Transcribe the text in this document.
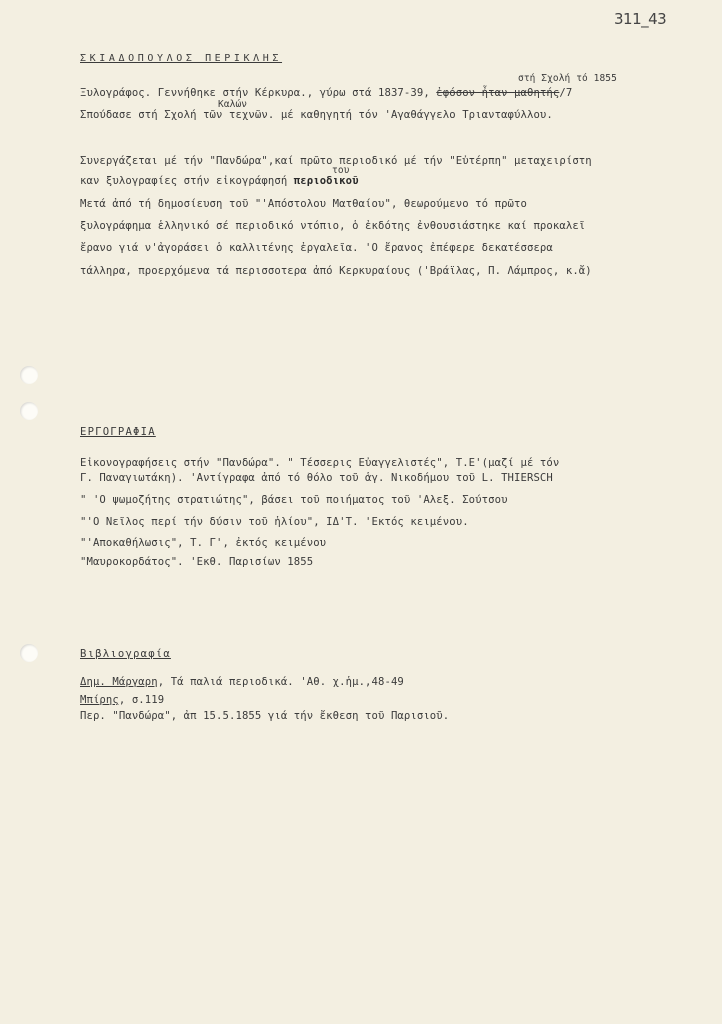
311_43
ΣΚΙΑΔΟΠΟΥΛΟΣ ΠΕΡΙΚΛΗΣ
στή Σχολή τό 1855
Ξυλογράφος. Γεννήθηκε στήν Κέρκυρα., γύρω στά 1837-39, ἐφόσον ἦταν μαθητής/7
Καλών
Σπούδασε στή Σχολή τῶν τεχνῶν. μέ καθηγητή τόν 'Αγαθάγγελο Τριανταφύλλου.
Συνεργάζεται μέ τήν "Πανδώρα",καί πρῶτο περιοδικό μέ τήν "Εὐτέρπη" μεταχειρίστη
του
καν ξυλογραφίες στήν εἰκογράφησή περιοδικοῦ
Μετά ἀπό τή δημοσίευση τοῦ "'Απόστολου Ματθαίου", θεωρούμενο τό πρῶτο
ξυλογράφημα ἑλληνικό σέ περιοδικό ντόπιο, ὁ ἐκδότης ἐνθουσιάστηκε καί προκαλεῖ
ἔρανο γιά ν'ἀγοράσει ὁ καλλιτένης ἐργαλεῖα. 'Ο ἔρανος ἐπέφερε δεκατέσσερα
τάλληρα, προερχόμενα τά περισσοτερα ἀπό Κερκυραίους ('Βράϊλας, Π. Λάμπρος, κ.ἄ)
ΕΡΓΟΓΡΑΦΙΑ
Εἰκονογραφήσεις στήν "Πανδώρα". " Τέσσερις Εὐαγγελιστές", Τ.Ε'(μαζί μέ τόν
Γ. Παναγιωτάκη). 'Αντίγραφα ἀπό τό θόλο τοῦ ἁγ. Νικοδήμου τοῦ L. THIERSCH
" 'Ο ψωμοζήτης στρατιώτης", βάσει τοῦ ποιήματος τοῦ 'Αλεξ. Σούτσου
"'Ο Νεῖλος περί τήν δύσιν τοῦ ἡλίου", ΙΔ'Τ. 'Εκτός κειμένου.
"'Αποκαθήλωσις", Τ. Γ', ἐκτός κειμένου
"Μαυροκορδάτος". 'Εκθ. Παρισίων 1855
Βιβλιογραφία
Δημ. Μάργαρη, Τά παλιά περιοδικά. 'Αθ. χ.ἡμ.,48-49
Μπίρης, σ.119
Περ. "Πανδώρα", ἀπ 15.5.1855 γιά τήν ἔκθεση τοῦ Παρισιοῦ.
